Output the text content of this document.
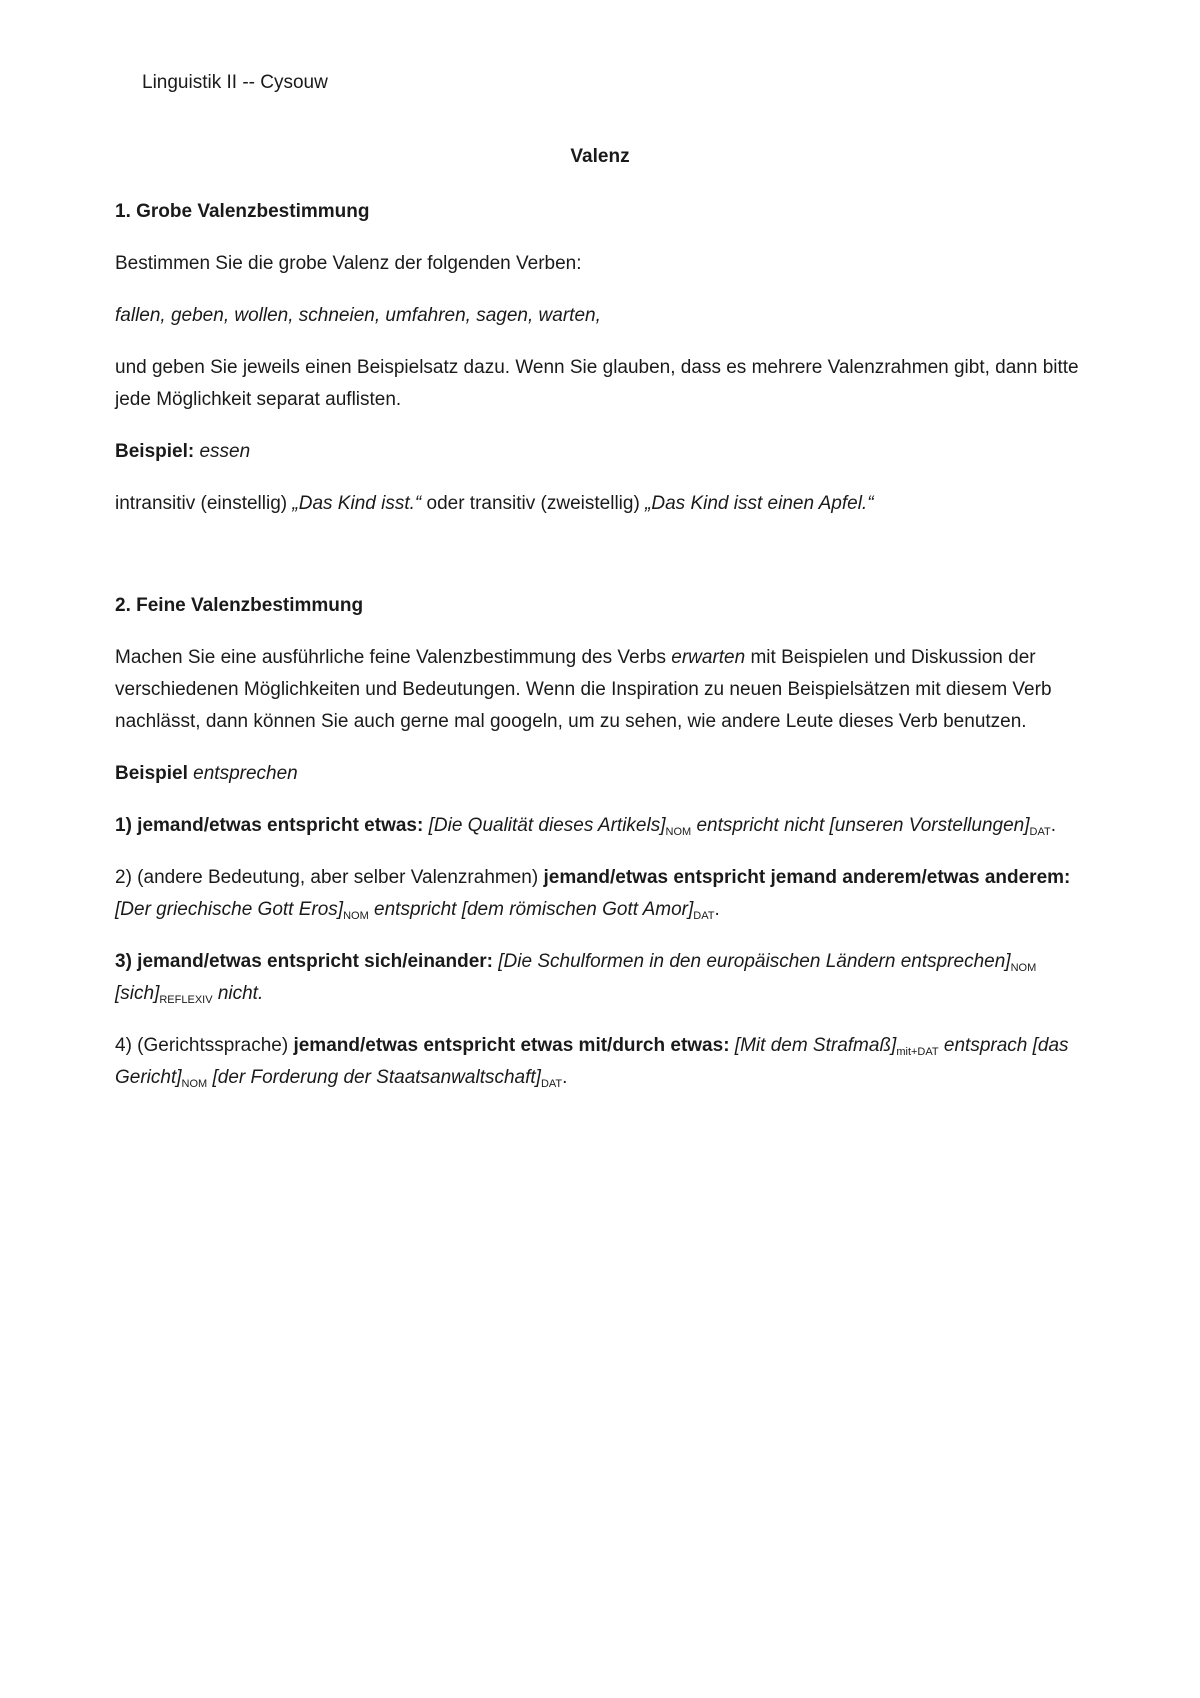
Linguistik II -- Cysouw
Valenz
1. Grobe Valenzbestimmung

Bestimmen Sie die grobe Valenz der folgenden Verben:

fallen, geben, wollen, schneien, umfahren, sagen, warten,

und geben Sie jeweils einen Beispielsatz dazu. Wenn Sie glauben, dass es mehrere Valenzrahmen gibt, dann bitte jede Möglichkeit separat auflisten.

Beispiel: essen

intransitiv (einstellig) „Das Kind isst.“ oder transitiv (zweistellig) „Das Kind isst einen Apfel.“

2. Feine Valenzbestimmung

Machen Sie eine ausführliche feine Valenzbestimmung des Verbs erwarten mit Beispielen und Diskussion der verschiedenen Möglichkeiten und Bedeutungen. Wenn die Inspiration zu neuen Beispielsätzen mit diesem Verb nachlässt, dann können Sie auch gerne mal googeln, um zu sehen, wie andere Leute dieses Verb benutzen.

Beispiel entsprechen

1) jemand/etwas entspricht etwas: [Die Qualität dieses $Artikels]_{NOM}$ entspricht nicht [unseren $Vorstellungen]_{DAT}$.

2) (andere Bedeutung, aber selber Valenzrahmen) jemand/etwas entspricht jemand anderem/etwas anderem: [Der griechische Gott $Eros]_{NOM}$ entspricht [dem römischen Gott $Amor]_{DAT}$.

3) jemand/etwas entspricht sich/einander: [Die Schulformen in den europäischen Ländern $entsprechen]_{NOM}$ $[sich]_{REFLEXIV}$ nicht.

4) (Gerichtssprache) jemand/etwas entspricht etwas mit/durch etwas: [Mit dem $Strafmaß]_{mit+DAT}$ entsprach [das $Gericht]_{NOM}$ [der Forderung der $Staatsanwaltschaft]_{DAT}$.
